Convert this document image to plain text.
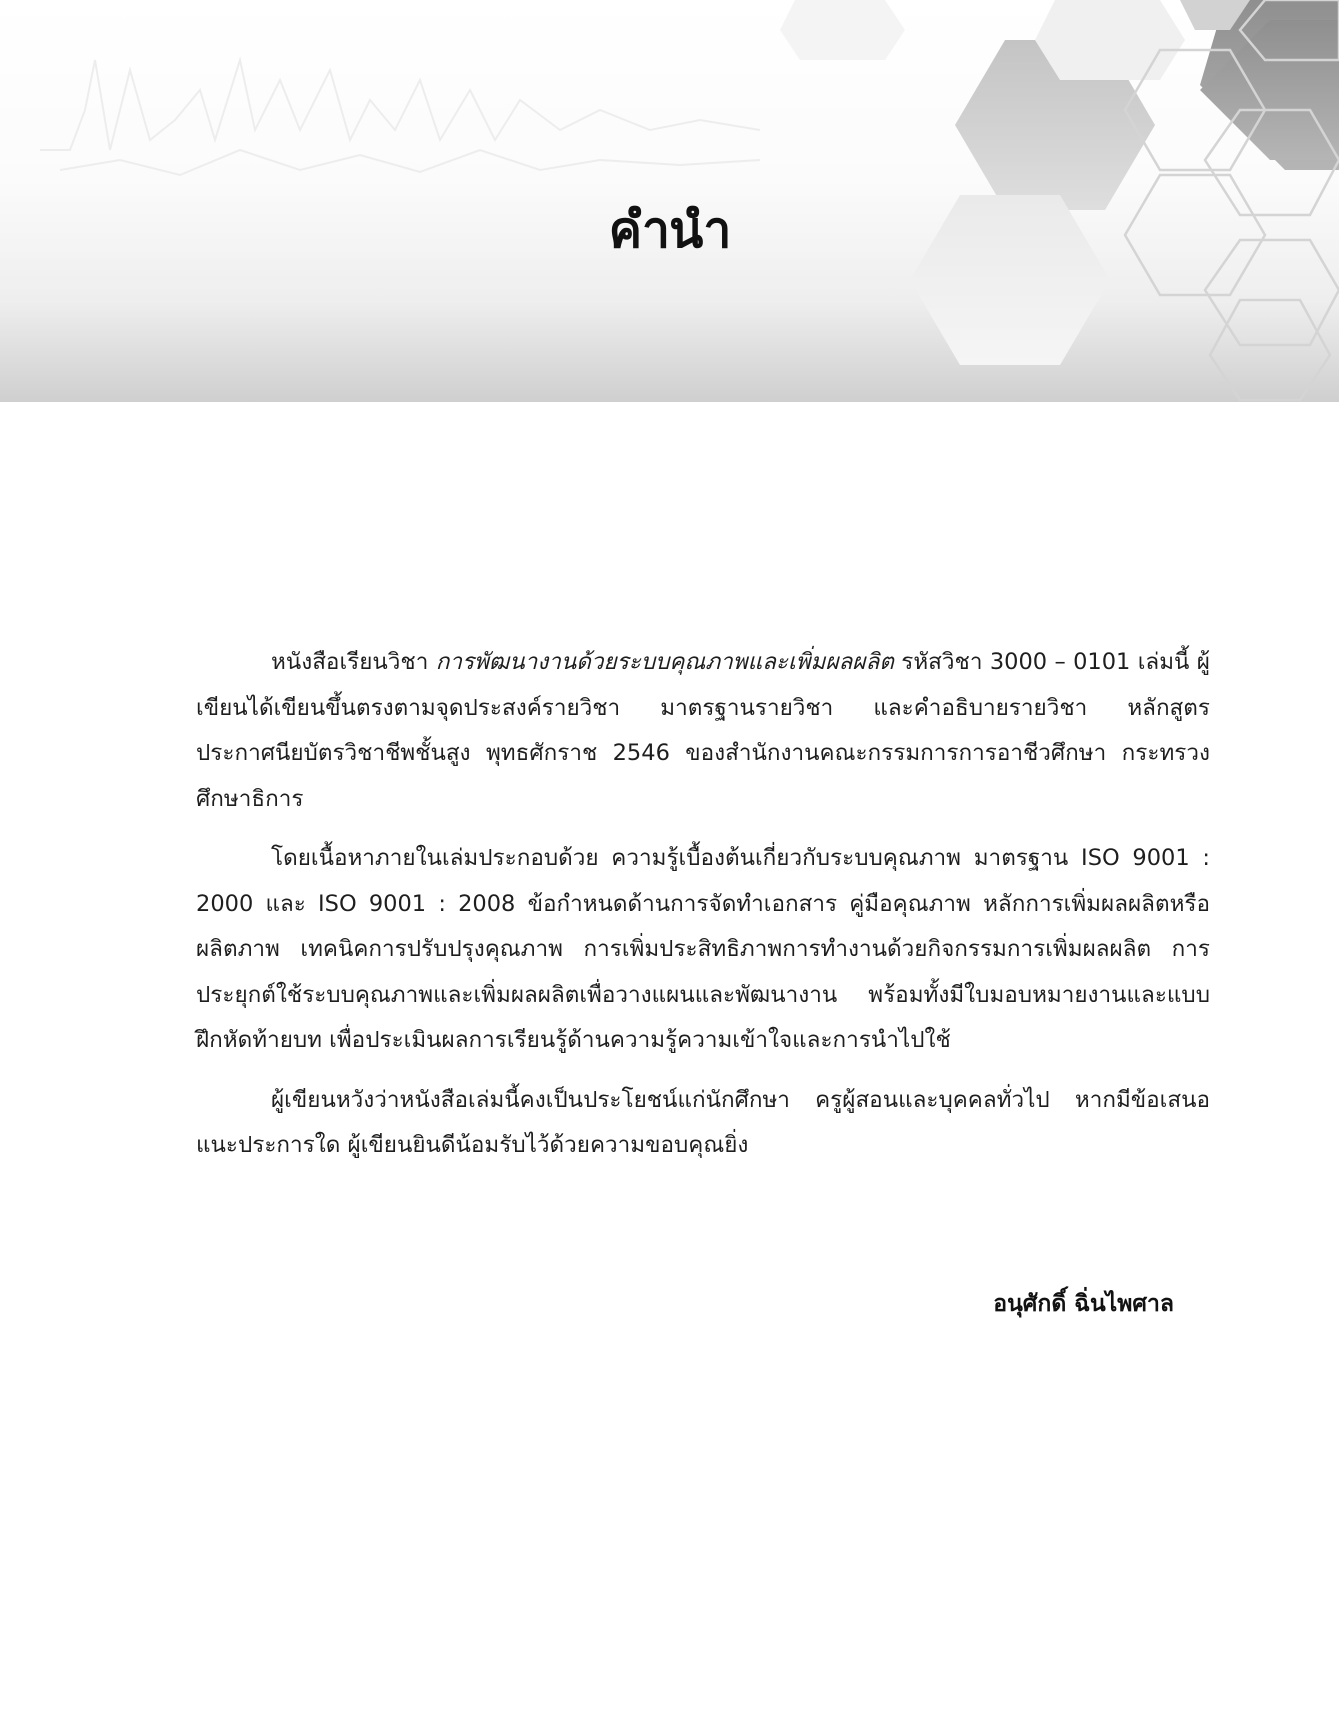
คำนำ

หนังสือเรียนวิชา การพัฒนางานด้วยระบบคุณภาพและเพิ่มผลผลิต รหัสวิชา 3000 – 0101 เล่มนี้ ผู้เขียนได้เขียนขึ้นตรงตามจุดประสงค์รายวิชา มาตรฐานรายวิชา และคำอธิบายรายวิชา หลักสูตรประกาศนียบัตรวิชาชีพชั้นสูง พุทธศักราช 2546 ของสำนักงานคณะกรรมการการอาชีวศึกษา กระทรวงศึกษาธิการ

โดยเนื้อหาภายในเล่มประกอบด้วย ความรู้เบื้องต้นเกี่ยวกับระบบคุณภาพ มาตรฐาน ISO 9001 : 2000 และ ISO 9001 : 2008 ข้อกำหนดด้านการจัดทำเอกสาร คู่มือคุณภาพ หลักการเพิ่มผลผลิตหรือผลิตภาพ เทคนิคการปรับปรุงคุณภาพ การเพิ่มประสิทธิภาพการทำงานด้วยกิจกรรมการเพิ่มผลผลิต การประยุกต์ใช้ระบบคุณภาพและเพิ่มผลผลิตเพื่อวางแผนและพัฒนางาน พร้อมทั้งมีใบมอบหมายงานและแบบฝึกหัดท้ายบท เพื่อประเมินผลการเรียนรู้ด้านความรู้ความเข้าใจและการนำไปใช้

ผู้เขียนหวังว่าหนังสือเล่มนี้คงเป็นประโยชน์แก่นักศึกษา ครูผู้สอนและบุคคลทั่วไป หากมีข้อเสนอแนะประการใด ผู้เขียนยินดีน้อมรับไว้ด้วยความขอบคุณยิ่ง

อนุศักดิ์ ฉิ่นไพศาล
